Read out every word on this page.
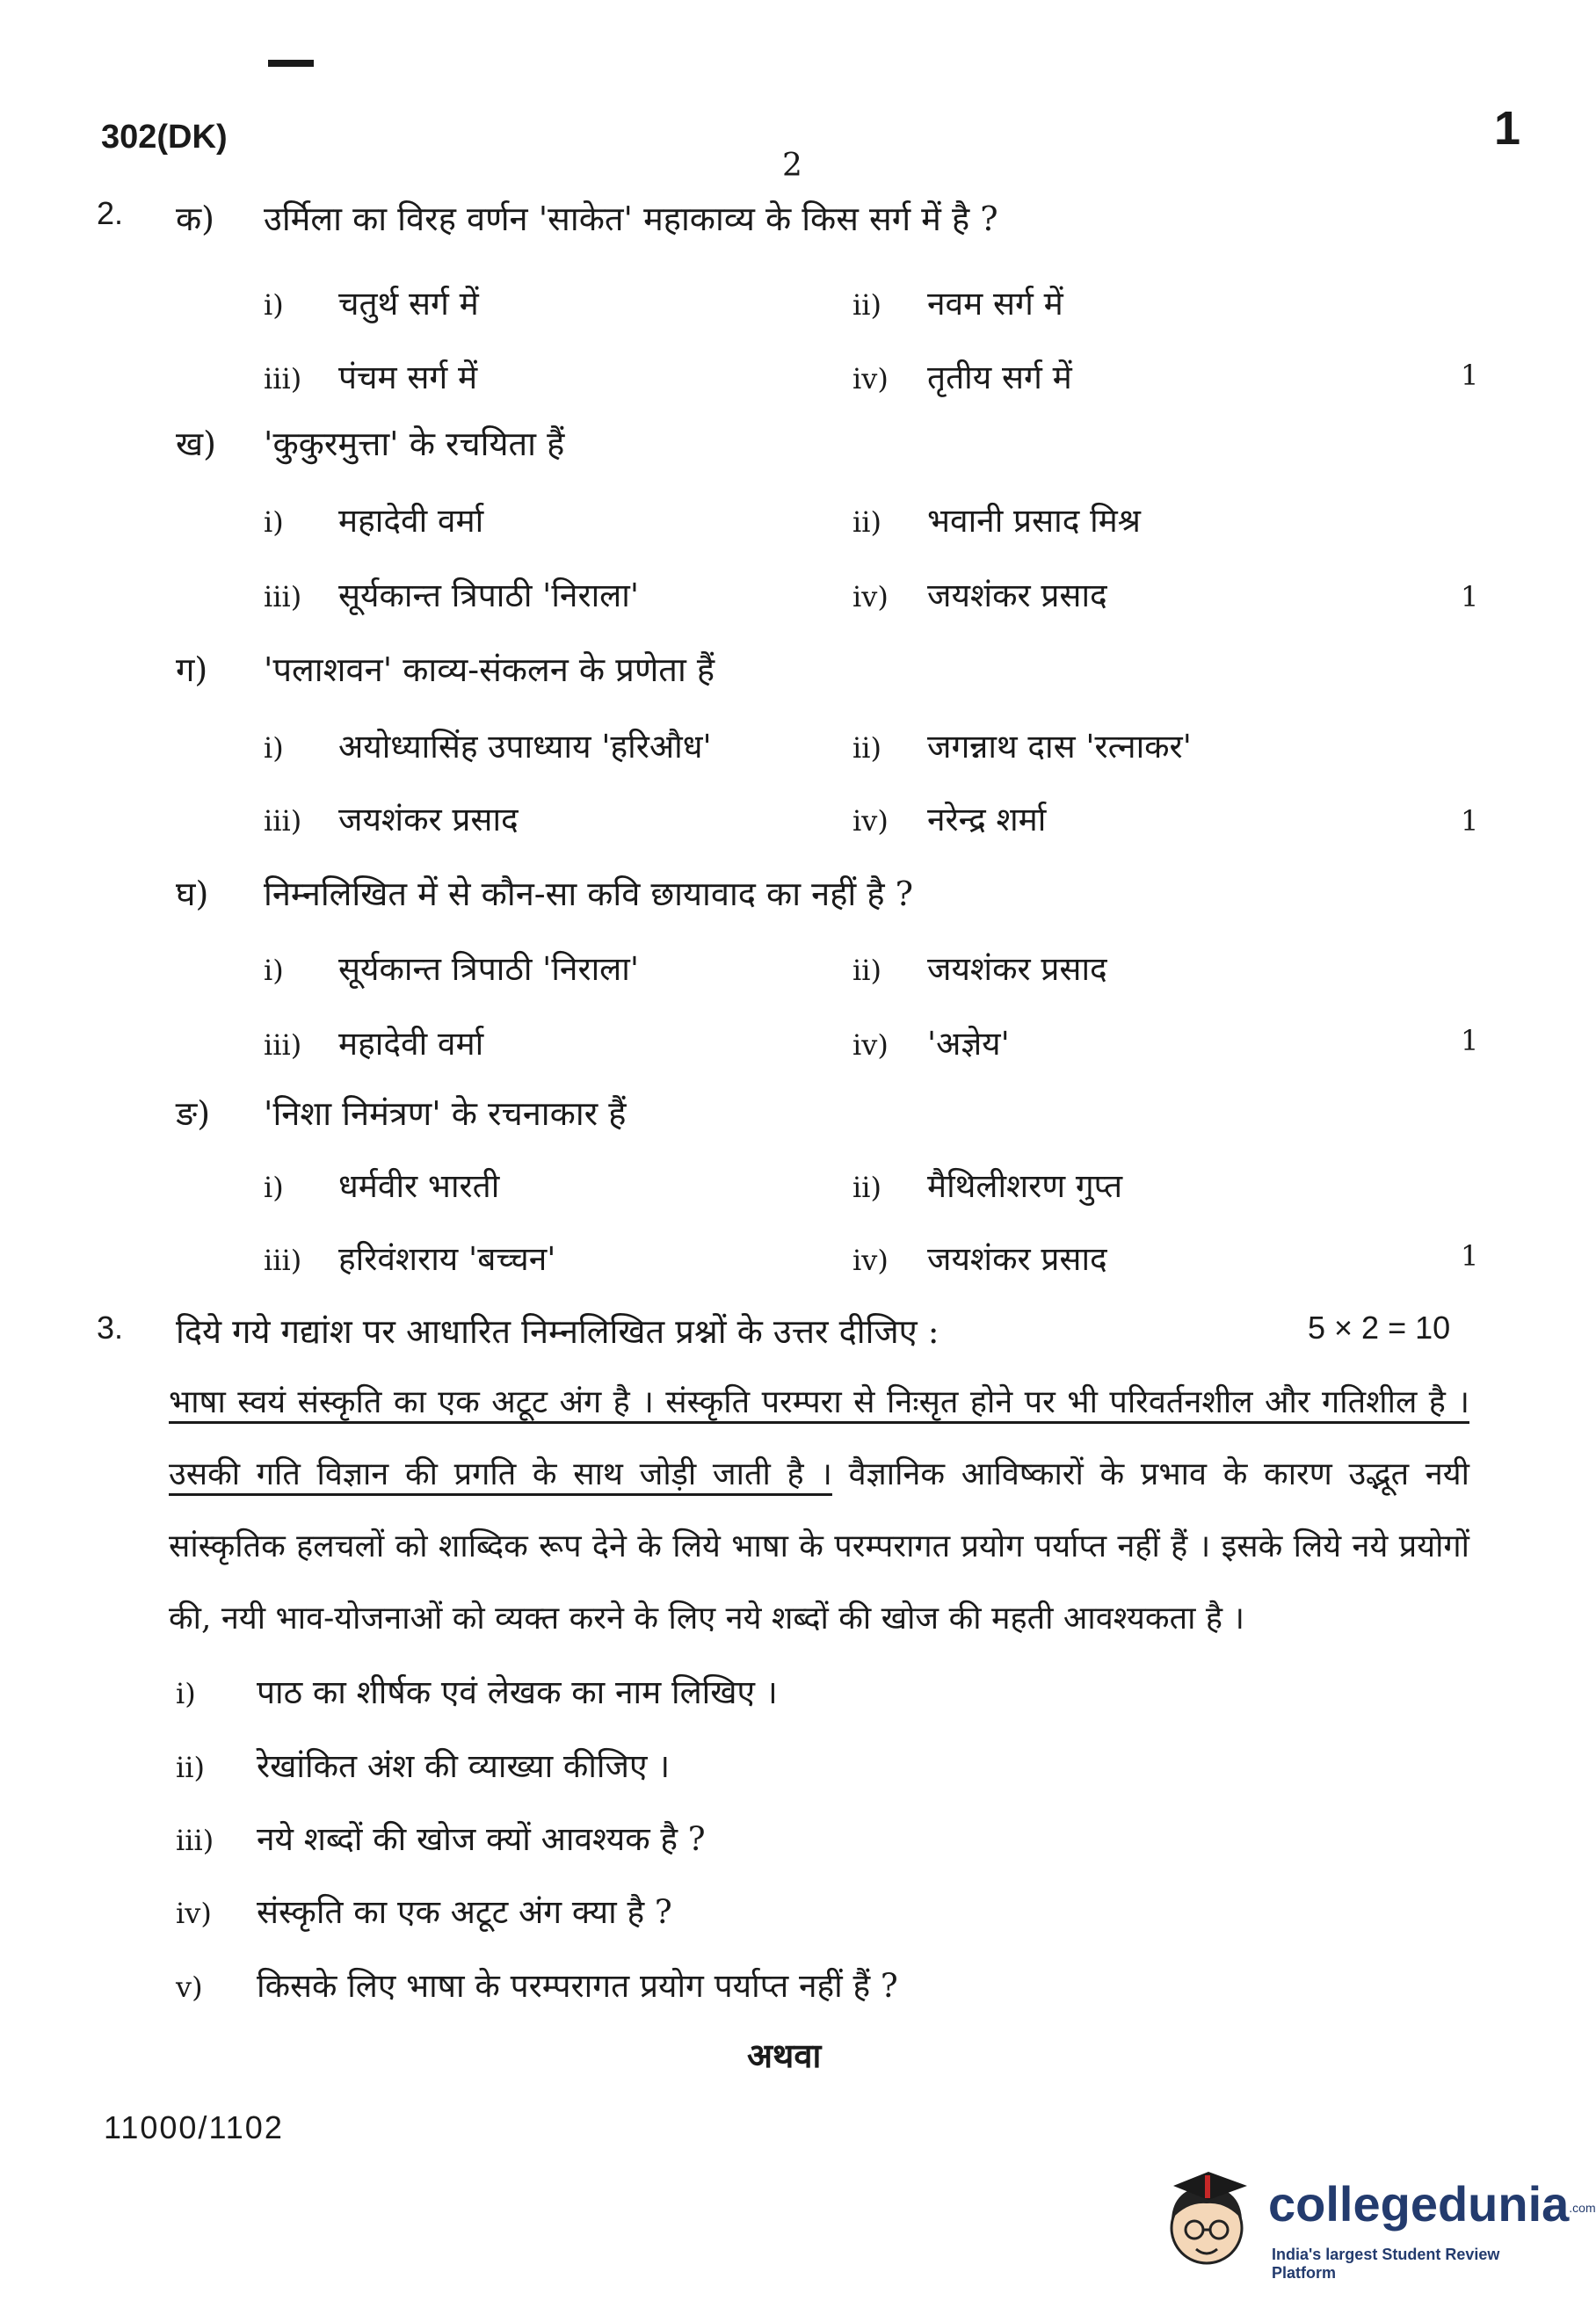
302(DK)
2
1
2. क) उर्मिला का विरह वर्णन 'साकेत' महाकाव्य के किस सर्ग में है ?
i) चतुर्थ सर्ग में	ii) नवम सर्ग में
iii) पंचम सर्ग में	iv) तृतीय सर्ग में	1
ख) 'कुकुरमुत्ता' के रचयिता हैं
i) महादेवी वर्मा	ii) भवानी प्रसाद मिश्र
iii) सूर्यकान्त त्रिपाठी 'निराला'	iv) जयशंकर प्रसाद	1
ग) 'पलाशवन' काव्य-संकलन के प्रणेता हैं
i) अयोध्यासिंह उपाध्याय 'हरिऔध'	ii) जगन्नाथ दास 'रत्नाकर'
iii) जयशंकर प्रसाद	iv) नरेन्द्र शर्मा	1
घ) निम्नलिखित में से कौन-सा कवि छायावाद का नहीं है ?
i) सूर्यकान्त त्रिपाठी 'निराला'	ii) जयशंकर प्रसाद
iii) महादेवी वर्मा	iv) 'अज्ञेय'	1
ङ) 'निशा निमंत्रण' के रचनाकार हैं
i) धर्मवीर भारती	ii) मैथिलीशरण गुप्त
iii) हरिवंशराय 'बच्चन'	iv) जयशंकर प्रसाद	1
3. दिये गये गद्यांश पर आधारित निम्नलिखित प्रश्नों के उत्तर दीजिए :	5 × 2 = 10
भाषा स्वयं संस्कृति का एक अटूट अंग है । संस्कृति परम्परा से निःसृत होने पर भी परिवर्तनशील और गतिशील है । उसकी गति विज्ञान की प्रगति के साथ जोड़ी जाती है । वैज्ञानिक आविष्कारों के प्रभाव के कारण उद्भूत नयी सांस्कृतिक हलचलों को शाब्दिक रूप देने के लिये भाषा के परम्परागत प्रयोग पर्याप्त नहीं हैं । इसके लिये नये प्रयोगों की, नयी भाव-योजनाओं को व्यक्त करने के लिए नये शब्दों की खोज की महती आवश्यकता है ।
i) पाठ का शीर्षक एवं लेखक का नाम लिखिए ।
ii) रेखांकित अंश की व्याख्या कीजिए ।
iii) नये शब्दों की खोज क्यों आवश्यक है ?
iv) संस्कृति का एक अटूट अंग क्या है ?
v) किसके लिए भाषा के परम्परागत प्रयोग पर्याप्त नहीं हैं ?
अथवा
11000/1102
collegedunia.com
India's largest Student Review Platform
